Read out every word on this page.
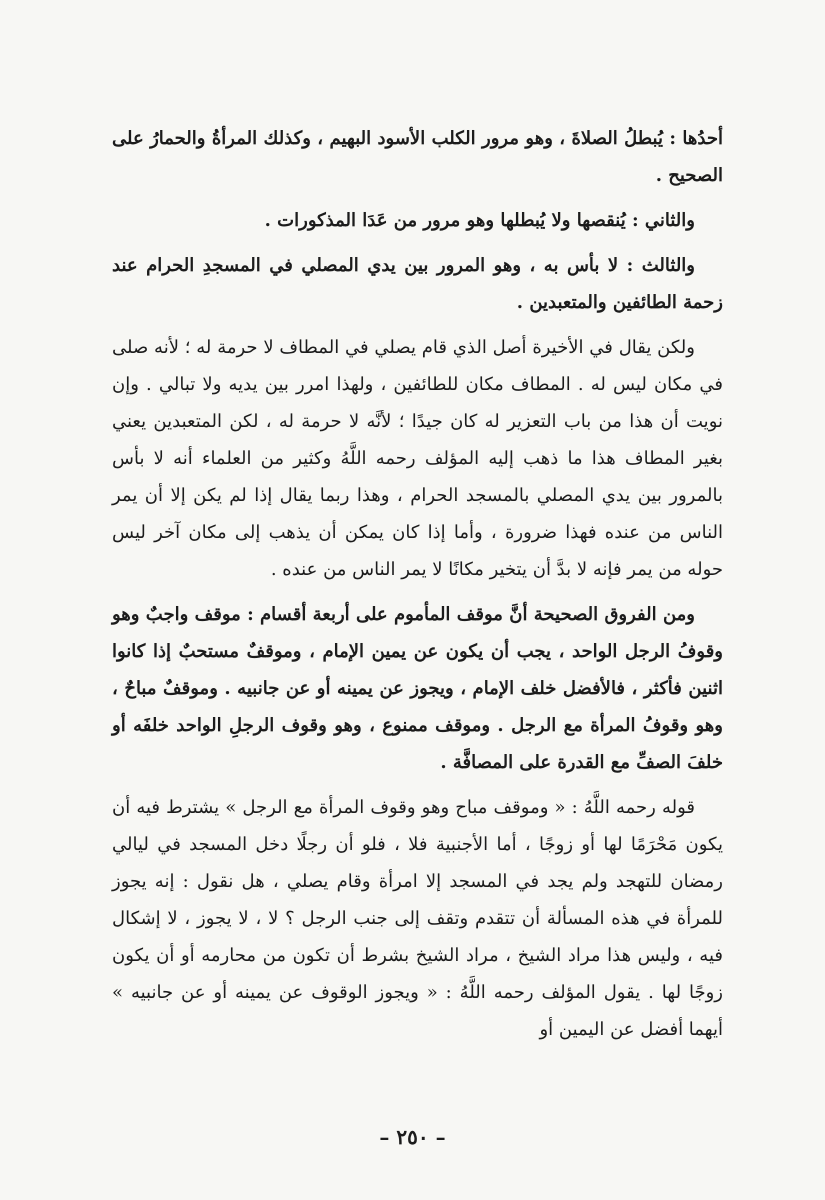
أحدُها : يُبطلُ الصلاةَ ، وهو مرور الكلب الأسود البهيم ، وكذلك المرأةُ والحمارُ على الصحيح .

والثاني : يُنقصها ولا يُبطلها وهو مرور من عَدَا المذكورات .

والثالث : لا بأس به ، وهو المرور بين يدي المصلي في المسجدِ الحرام عند زحمة الطائفين والمتعبدين .

ولكن يقال في الأخيرة أصل الذي قام يصلي في المطاف لا حرمة له ؛ لأنه صلى في مكان ليس له . المطاف مكان للطائفين ، ولهذا امرر بين يديه ولا تبالي . وإن نويت أن هذا من باب التعزير له كان جيدًا ؛ لأنَّه لا حرمة له ، لكن المتعبدين يعني بغير المطاف هذا ما ذهب إليه المؤلف رحمه اللَّهُ وكثير من العلماء أنه لا بأس بالمرور بين يدي المصلي بالمسجد الحرام ، وهذا ربما يقال إذا لم يكن إلا أن يمر الناس من عنده فهذا ضرورة ، وأما إذا كان يمكن أن يذهب إلى مكان آخر ليس حوله من يمر فإنه لا بدَّ أن يتخير مكانًا لا يمر الناس من عنده .

ومن الفروق الصحيحة أنَّ موقف المأموم على أربعة أقسام : موقف واجبٌ وهو وقوفُ الرجل الواحد ، يجب أن يكون عن يمين الإمام ، وموقفٌ مستحبٌ إذا كانوا اثنين فأكثر ، فالأفضل خلف الإمام ، ويجوز عن يمينه أو عن جانبيه . وموقفٌ مباحٌ ، وهو وقوفُ المرأة مع الرجل . وموقف ممنوع ، وهو وقوف الرجلِ الواحد خلفَه أو خلفَ الصفِّ مع القدرة على المصافَّة .

قوله رحمه اللَّهُ : « وموقف مباح وهو وقوف المرأة مع الرجل » يشترط فيه أن يكون مَحْرَمًا لها أو زوجًا ، أما الأجنبية فلا ، فلو أن رجلًا دخل المسجد في ليالي رمضان للتهجد ولم يجد في المسجد إلا امرأة وقام يصلي ، هل نقول : إنه يجوز للمرأة في هذه المسألة أن تتقدم وتقف إلى جنب الرجل ؟ لا ، لا يجوز ، لا إشكال فيه ، وليس هذا مراد الشيخ ، مراد الشيخ بشرط أن تكون من محارمه أو أن يكون زوجًا لها . يقول المؤلف رحمه اللَّهُ : « ويجوز الوقوف عن يمينه أو عن جانبيه » أيهما أفضل عن اليمين أو

– ٢٥٠ –
